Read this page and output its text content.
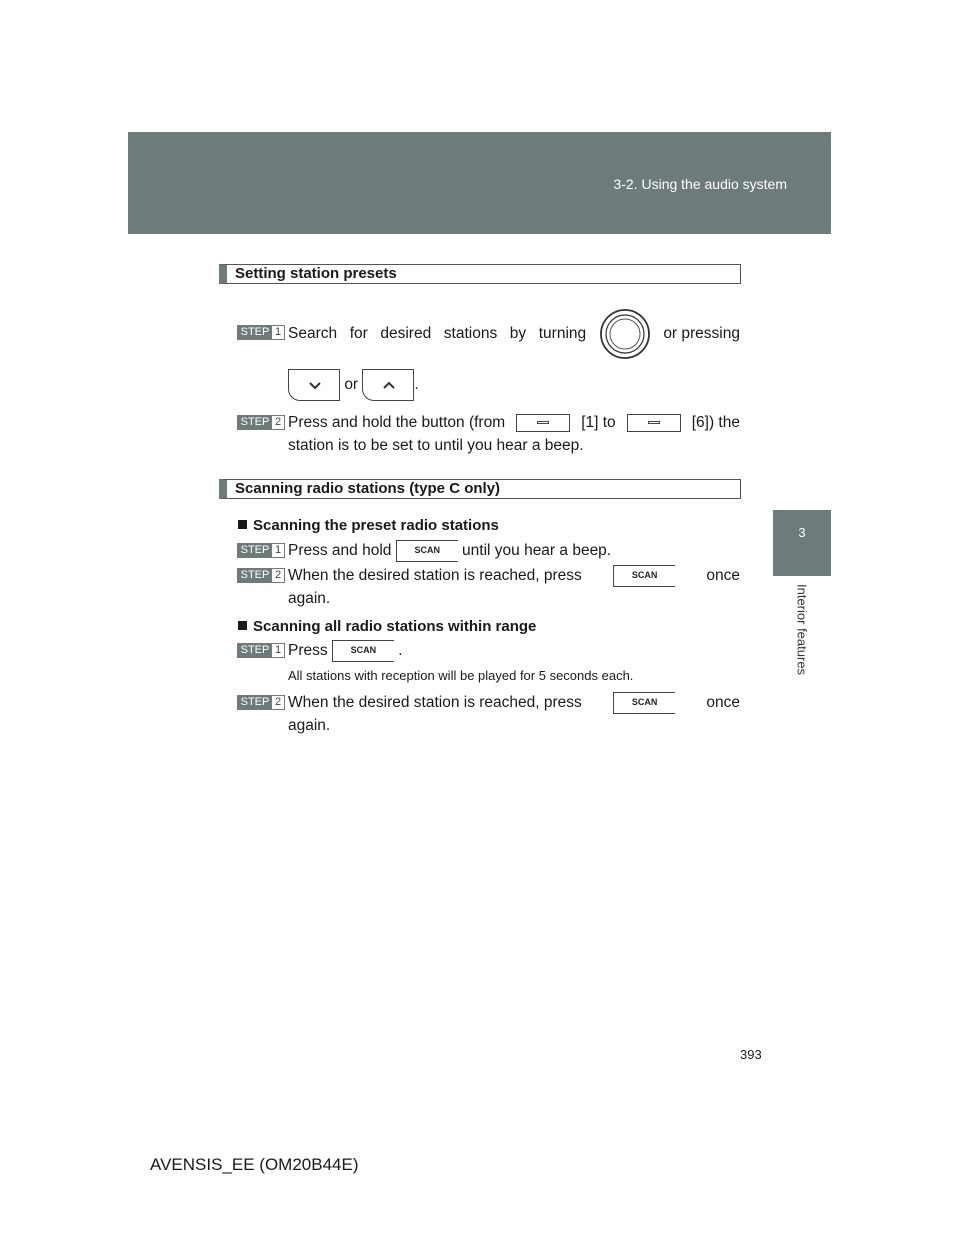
3-2. Using the audio system
3
Interior features
Setting station presets
STEP 1 Search for desired stations by turning	or pressing
or	.
STEP 2 Press and hold the button (from	[1] to	[6]) the
station is to be set to until you hear a beep.
Scanning radio stations (type C only)
Scanning the preset radio stations
STEP 1 Press and hold	SCAN until you hear a beep.
STEP 2 When the desired station is reached, press	SCAN	once
again.
Scanning all radio stations within range
STEP 1 Press	SCAN .
All stations with reception will be played for 5 seconds each.
STEP 2 When the desired station is reached, press	SCAN	once
again.
393
AVENSIS_EE (OM20B44E)
